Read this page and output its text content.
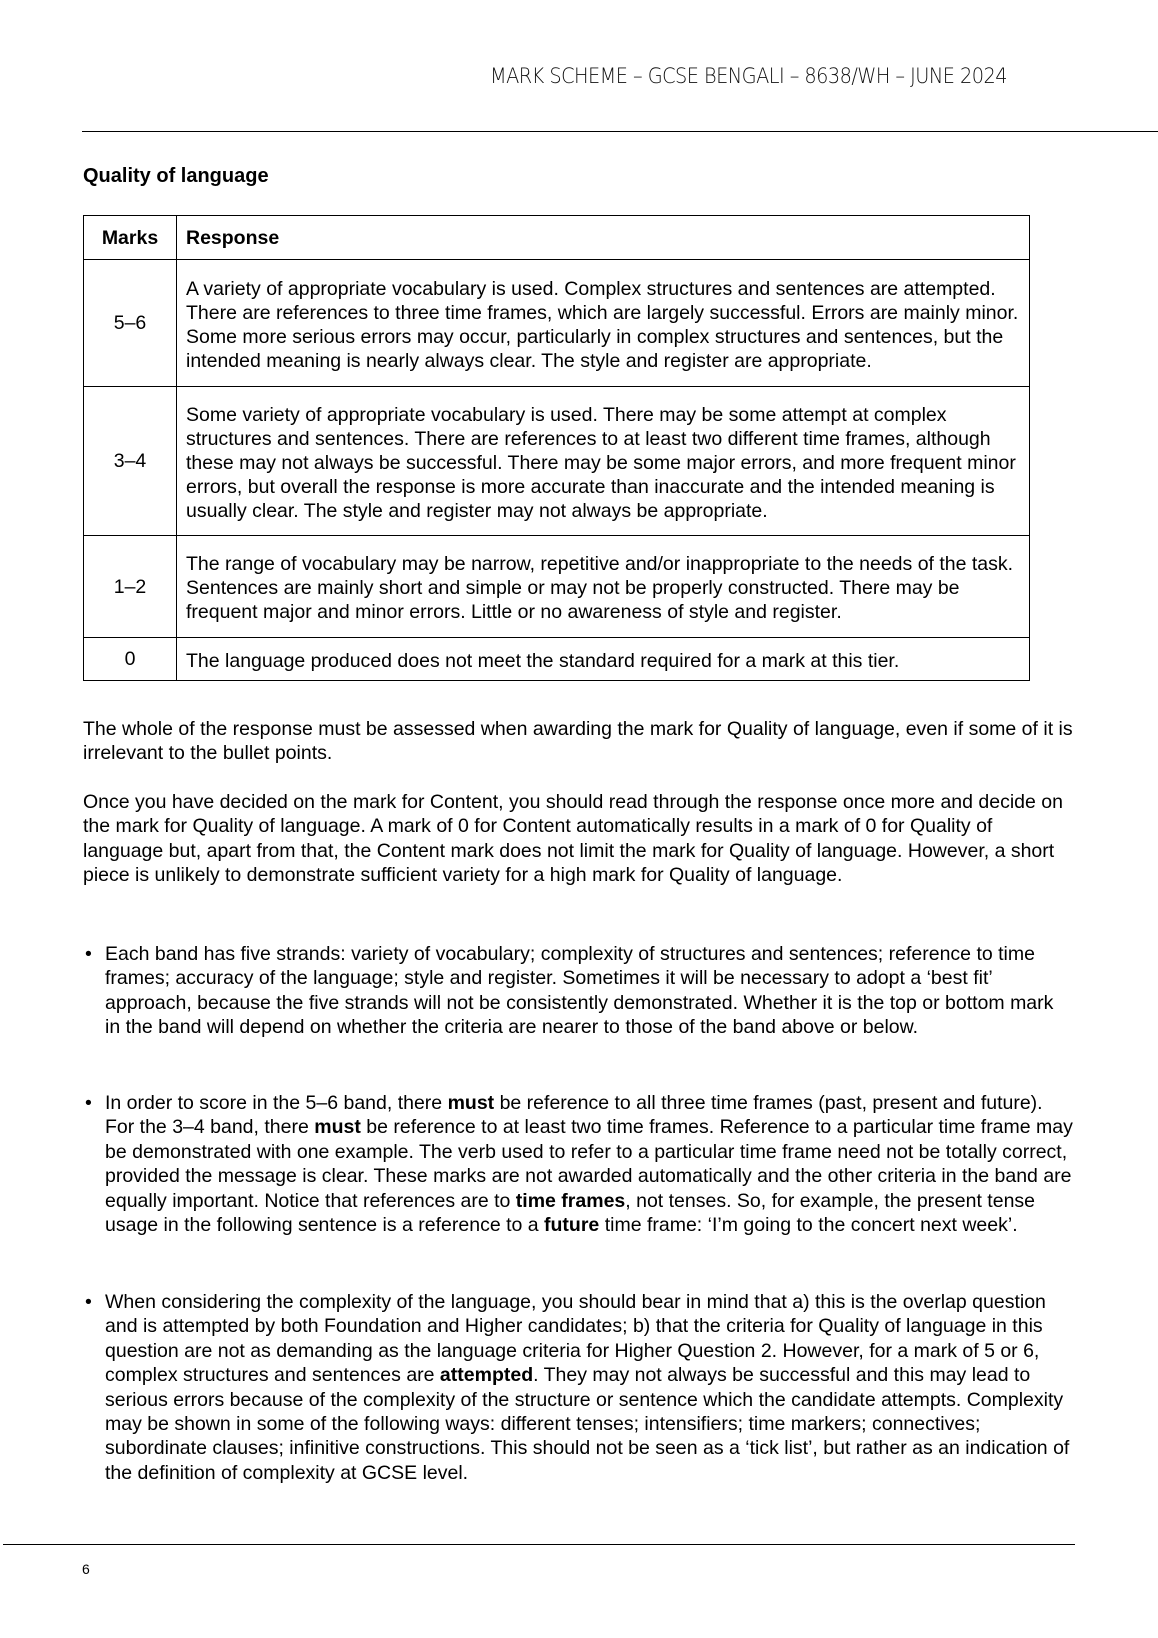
MARK SCHEME – GCSE BENGALI – 8638/WH – JUNE 2024
Quality of language
Marks	Response
5–6	A variety of appropriate vocabulary is used. Complex structures and sentences are attempted. There are references to three time frames, which are largely successful. Errors are mainly minor. Some more serious errors may occur, particularly in complex structures and sentences, but the intended meaning is nearly always clear. The style and register are appropriate.
3–4	Some variety of appropriate vocabulary is used. There may be some attempt at complex structures and sentences. There are references to at least two different time frames, although these may not always be successful. There may be some major errors, and more frequent minor errors, but overall the response is more accurate than inaccurate and the intended meaning is usually clear. The style and register may not always be appropriate.
1–2	The range of vocabulary may be narrow, repetitive and/or inappropriate to the needs of the task. Sentences are mainly short and simple or may not be properly constructed. There may be frequent major and minor errors. Little or no awareness of style and register.
0	The language produced does not meet the standard required for a mark at this tier.

The whole of the response must be assessed when awarding the mark for Quality of language, even if some of it is irrelevant to the bullet points.

Once you have decided on the mark for Content, you should read through the response once more and decide on the mark for Quality of language. A mark of 0 for Content automatically results in a mark of 0 for Quality of language but, apart from that, the Content mark does not limit the mark for Quality of language. However, a short piece is unlikely to demonstrate sufficient variety for a high mark for Quality of language.

• Each band has five strands: variety of vocabulary; complexity of structures and sentences; reference to time frames; accuracy of the language; style and register. Sometimes it will be necessary to adopt a ‘best fit’ approach, because the five strands will not be consistently demonstrated. Whether it is the top or bottom mark in the band will depend on whether the criteria are nearer to those of the band above or below.
• In order to score in the 5–6 band, there must be reference to all three time frames (past, present and future). For the 3–4 band, there must be reference to at least two time frames. Reference to a particular time frame may be demonstrated with one example. The verb used to refer to a particular time frame need not be totally correct, provided the message is clear. These marks are not awarded automatically and the other criteria in the band are equally important. Notice that references are to time frames, not tenses. So, for example, the present tense usage in the following sentence is a reference to a future time frame: ‘I’m going to the concert next week’.
• When considering the complexity of the language, you should bear in mind that a) this is the overlap question and is attempted by both Foundation and Higher candidates; b) that the criteria for Quality of language in this question are not as demanding as the language criteria for Higher Question 2. However, for a mark of 5 or 6, complex structures and sentences are attempted. They may not always be successful and this may lead to serious errors because of the complexity of the structure or sentence which the candidate attempts. Complexity may be shown in some of the following ways: different tenses; intensifiers; time markers; connectives; subordinate clauses; infinitive constructions. This should not be seen as a ‘tick list’, but rather as an indication of the definition of complexity at GCSE level.
6
